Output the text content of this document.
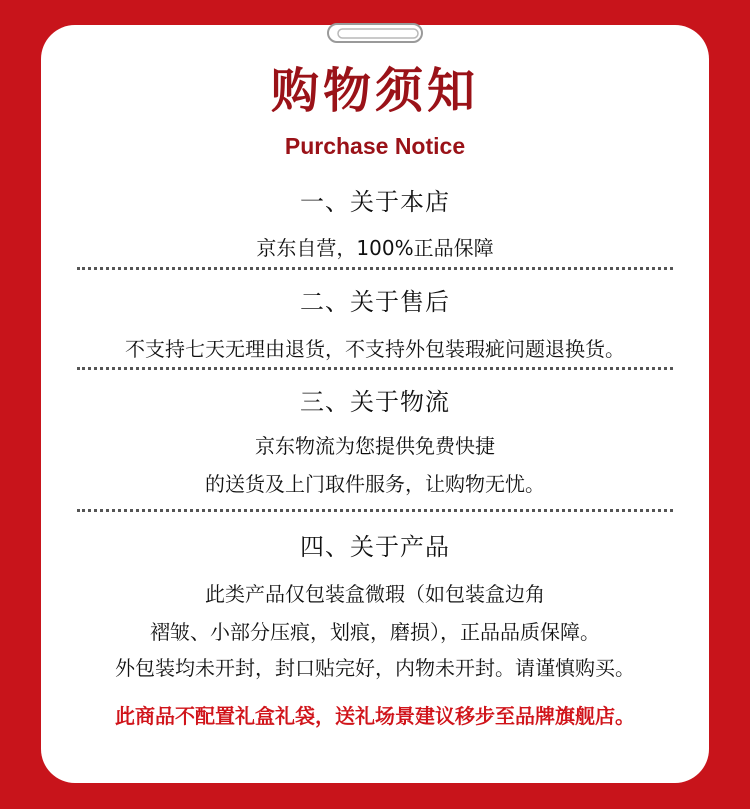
购物须知
Purchase Notice
一、关于本店
京东自营，100%正品保障
二、关于售后
不支持七天无理由退货，不支持外包装瑕疵问题退换货。
三、关于物流
京东物流为您提供免费快捷
的送货及上门取件服务，让购物无忧。
四、关于产品
此类产品仅包装盒微瑕（如包装盒边角
褶皱、小部分压痕，划痕，磨损），正品品质保障。
外包装均未开封，封口贴完好，内物未开封。请谨慎购买。
此商品不配置礼盒礼袋，送礼场景建议移步至品牌旗舰店。
